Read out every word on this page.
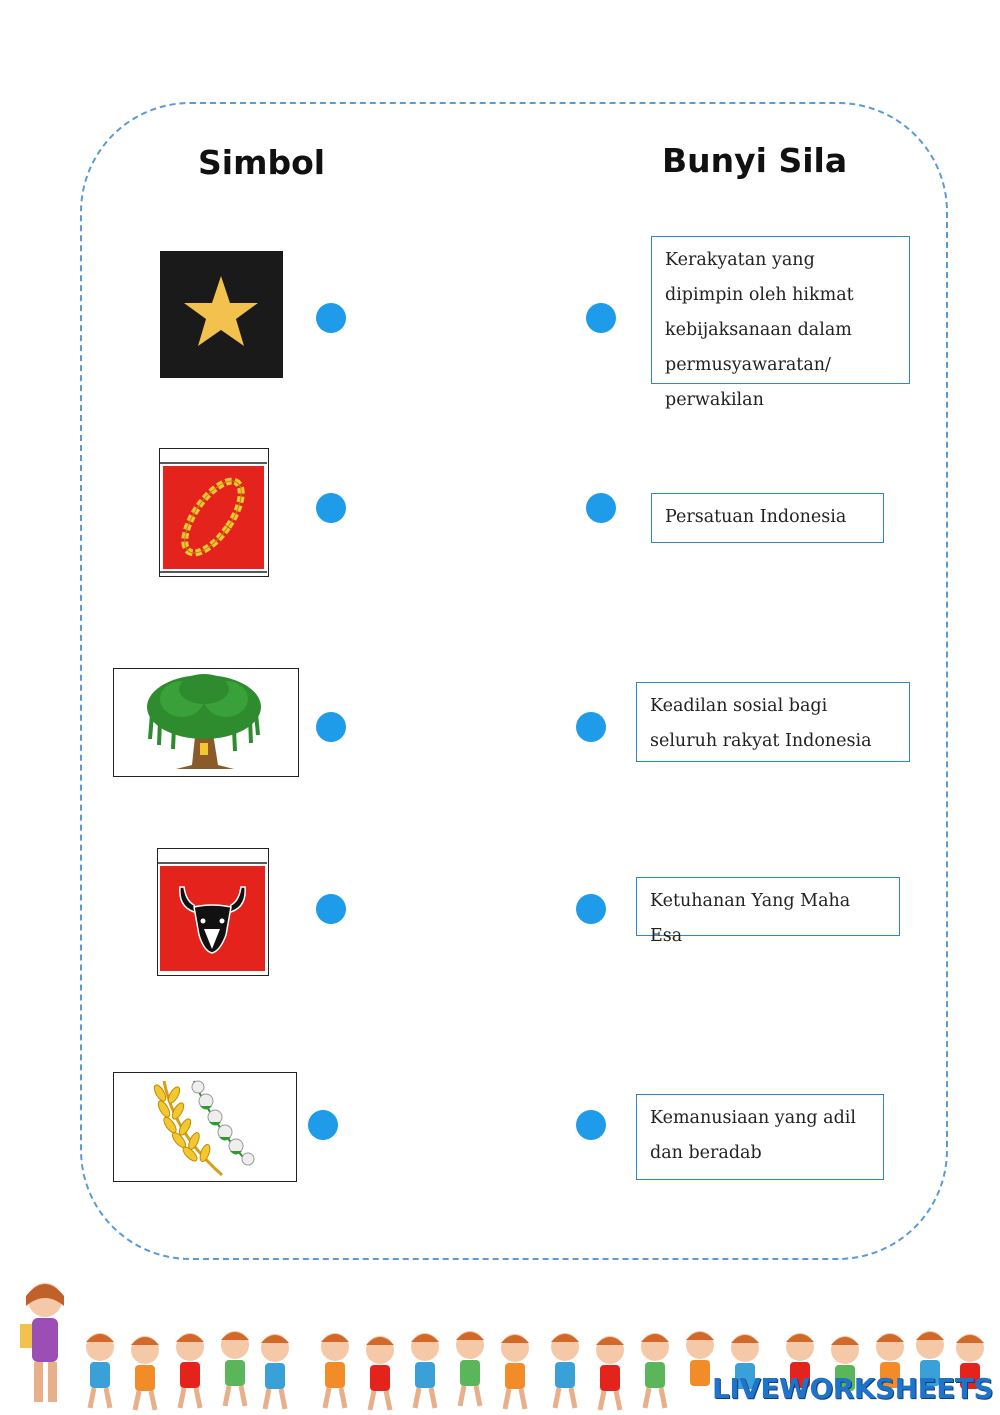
Simbol	Bunyi Sila
Kerakyatan yang dipimpin oleh hikmat kebijaksanaan dalam permusyawaratan/ perwakilan
Persatuan Indonesia
Keadilan sosial bagi seluruh rakyat Indonesia
Ketuhanan Yang Maha Esa
Kemanusiaan yang adil dan beradab
LIVEWORKSHEETS
